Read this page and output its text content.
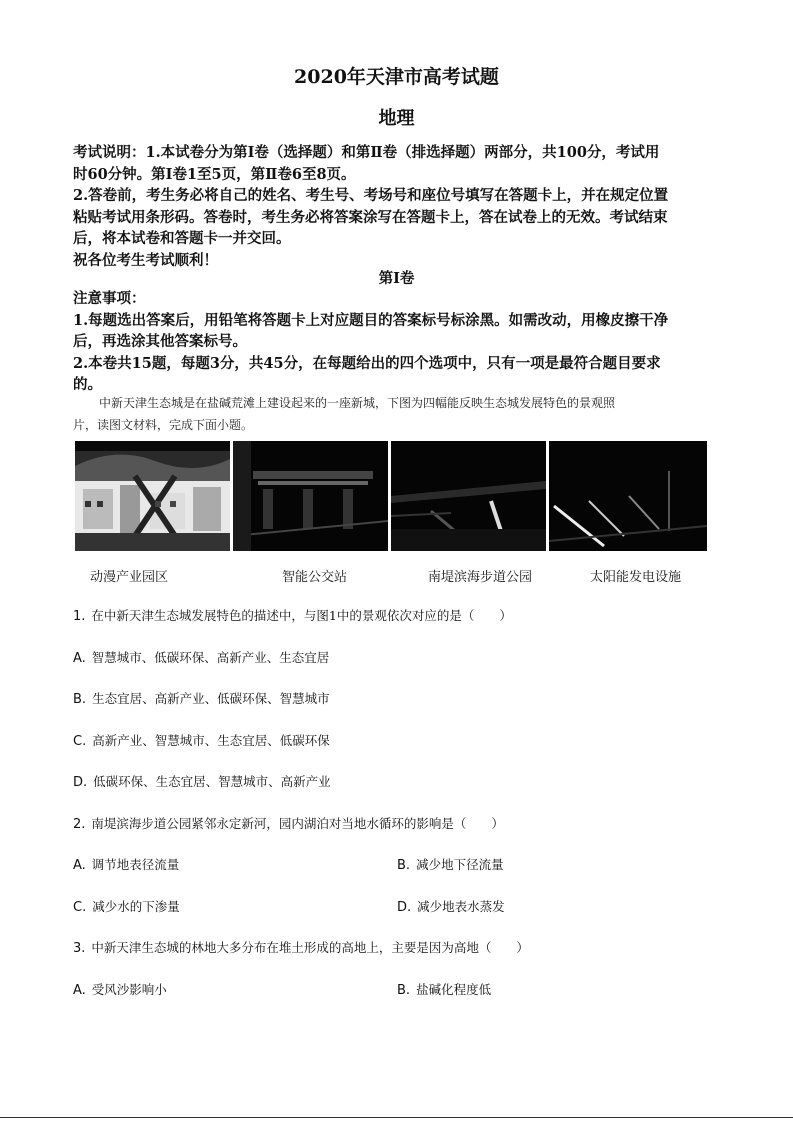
2020年天津市高考试题
地理
考试说明：1.本试卷分为第Ⅰ卷（选择题）和第Ⅱ卷（排选择题）两部分，共100分，考试用
时60分钟。第Ⅰ卷1至5页，第Ⅱ卷6至8页。
2.答卷前，考生务必将自己的姓名、考生号、考场号和座位号填写在答题卡上，并在规定位置
粘贴考试用条形码。答卷时，考生务必将答案涂写在答题卡上，答在试卷上的无效。考试结束
后，将本试卷和答题卡一并交回。
祝各位考生考试顺利！
第Ⅰ卷
注意事项：
1.每题选出答案后，用铅笔将答题卡上对应题目的答案标号标涂黑。如需改动，用橡皮擦干净
后，再选涂其他答案标号。
2.本卷共15题，每题3分，共45分，在每题给出的四个选项中，只有一项是最符合题目要求
的。
中新天津生态城是在盐碱荒滩上建设起来的一座新城，下图为四幅能反映生态城发展特色的景观照
片，读图文材料，完成下面小题。
动漫产业园区	智能公交站	南堤滨海步道公园	太阳能发电设施
1. 在中新天津生态城发展特色的描述中，与图1中的景观依次对应的是（　　）
A. 智慧城市、低碳环保、高新产业、生态宜居
B. 生态宜居、高新产业、低碳环保、智慧城市
C. 高新产业、智慧城市、生态宜居、低碳环保
D. 低碳环保、生态宜居、智慧城市、高新产业
2. 南堤滨海步道公园紧邻永定新河，园内湖泊对当地水循环的影响是（　　）
A. 调节地表径流量	B. 减少地下径流量
C. 减少水的下渗量	D. 减少地表水蒸发
3. 中新天津生态城的林地大多分布在堆土形成的高地上，主要是因为高地（　　）
A. 受风沙影响小	B. 盐碱化程度低
